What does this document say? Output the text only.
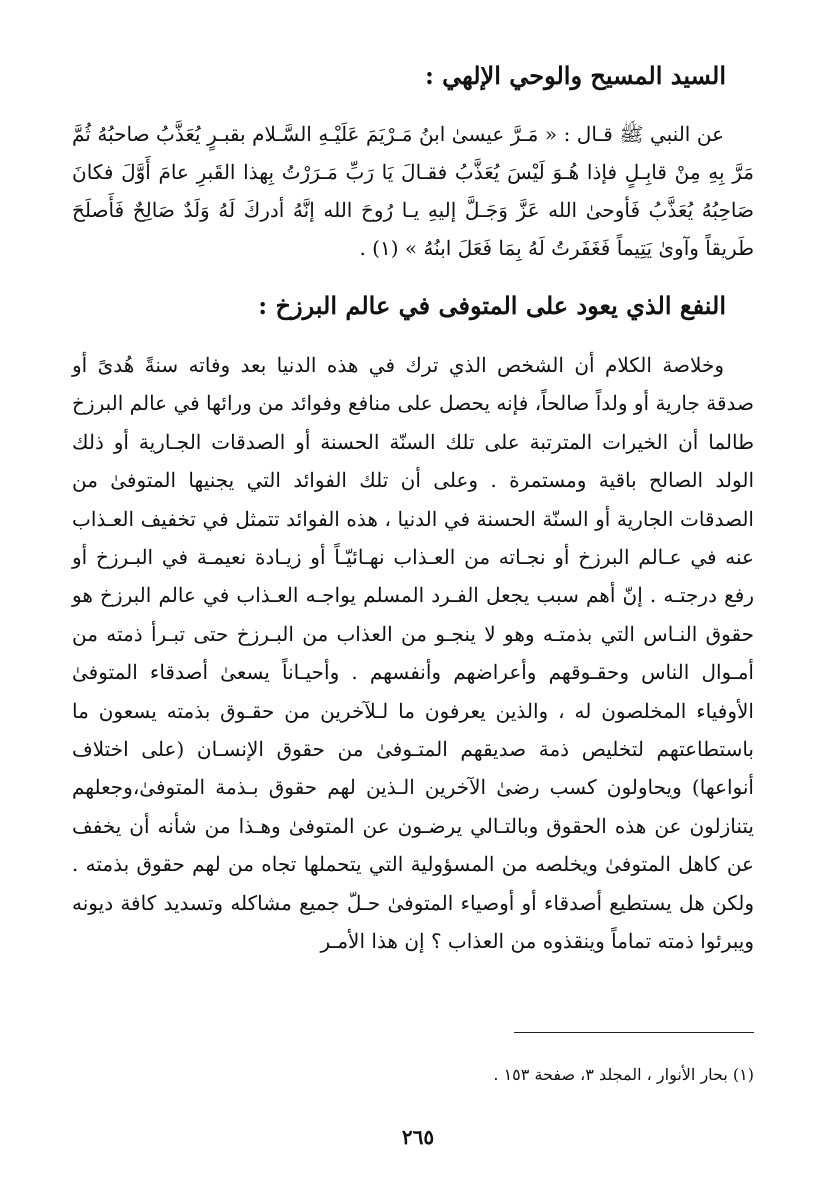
السيد المسيح والوحي الإلهي :

عن النبي ﷺ قـال : « مَـرَّ عيسىٰ ابنُ مَـرْيَمَ عَلَيْـهِ السَّـلام بقبـرٍ يُعَذَّبُ صاحبُهُ ثُمَّ مَرَّ بِهِ مِنْ قابِـلٍ فإذا هُـوَ لَيْسَ يُعَذَّبُ فقـالَ يَا رَبِّ مَـرَرْتُ بِهذا القَبرِ عامَ أَوَّلَ فكانَ صَاحِبُهُ يُعَذَّبُ فَأوحىٰ الله عَزَّ وَجَـلَّ إليهِ يـا رُوحَ الله إنَّهُ أدركَ لَهُ وَلَدٌ صَالِحٌ فَأَصلَحَ طَريقاً وآوىٰ يَتِيماً فَغَفَرتُ لَهُ بِمَا فَعَلَ ابنُهُ » (١) .

النفع الذي يعود على المتوفى في عالم البرزخ :

وخلاصة الكلام أن الشخص الذي ترك في هذه الدنيا بعد وفاته سنةً هُدىً أو صدقة جارية أو ولداً صالحاً، فإنه يحصل على منافع وفوائد من ورائها في عالم البرزخ طالما أن الخيرات المترتبة على تلك السنّة الحسنة أو الصدقات الجـارية أو ذلك الولد الصالح باقية ومستمرة . وعلى أن تلك الفوائد التي يجنيها المتوفىٰ من الصدقات الجارية أو السنّة الحسنة في الدنيا ، هذه الفوائد تتمثل في تخفيف العـذاب عنه في عـالم البرزخ أو نجـاته من العـذاب نهـائيّـاً أو زيـادة نعيمـة في البـرزخ أو رفع درجتـه . إنّ أهم سبب يجعل الفـرد المسلم يواجـه العـذاب في عالم البرزخ هو حقوق النـاس التي بذمتـه وهو لا ينجـو من العذاب من البـرزخ حتى تبـرأ ذمته من أمـوال الناس وحقـوقهم وأعراضهم وأنفسهم . وأحيـاناً يسعىٰ أصدقاء المتوفىٰ الأوفياء المخلصون له ، والذين يعرفون ما لـلآخرين من حقـوق بذمته يسعون ما باستطاعتهم لتخليص ذمة صديقهم المتـوفىٰ من حقوق الإنسـان (على اختلاف أنواعها) ويحاولون كسب رضىٰ الآخرين الـذين لهم حقوق بـذمة المتوفىٰ،وجعلهم يتنازلون عن هذه الحقوق وبالتـالي يرضـون عن المتوفىٰ وهـذا من شأنه أن يخفف عن كاهل المتوفىٰ ويخلصه من المسؤولية التي يتحملها تجاه من لهم حقوق بذمته . ولكن هل يستطيع أصدقاء أو أوصياء المتوفىٰ حـلّ جميع مشاكله وتسديد كافة ديونه ويبرئوا ذمته تماماً وينقذوه من العذاب ؟ إن هذا الأمـر

(١) بحار الأنوار ، المجلد ٣، صفحة ١٥٣ .

٢٦٥
